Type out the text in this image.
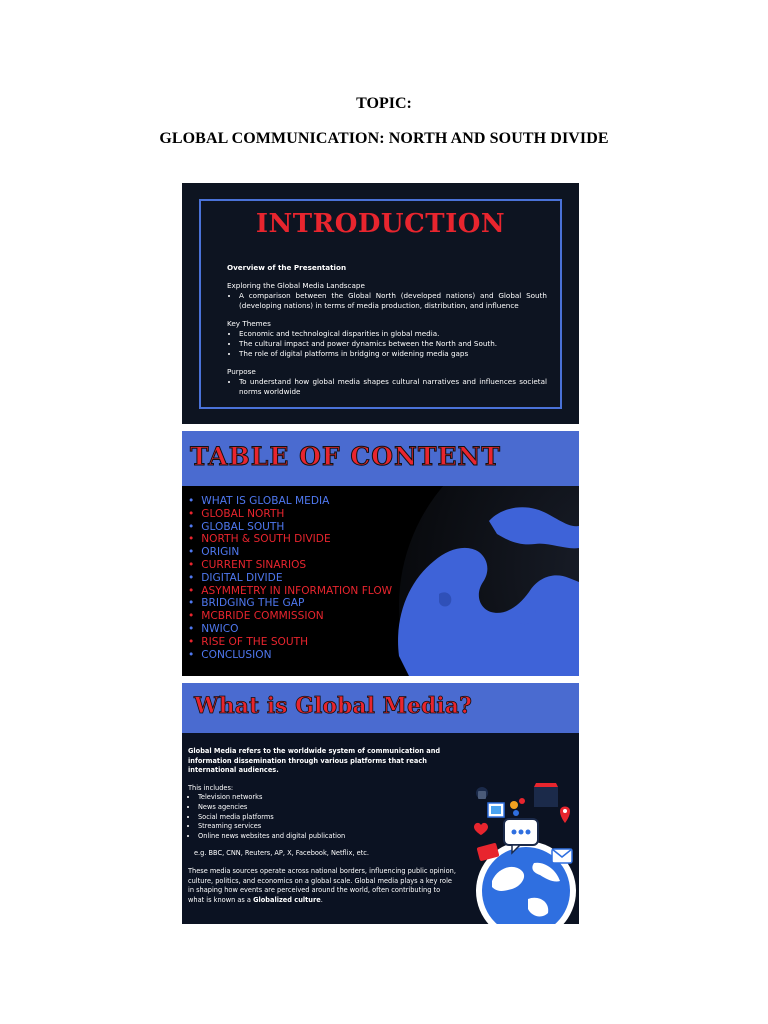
TOPIC:
GLOBAL COMMUNICATION: NORTH AND SOUTH DIVIDE
INTRODUCTION
Overview of the Presentation
Exploring the Global Media Landscape
• A comparison between the Global North (developed nations) and Global South (developing nations) in terms of media production, distribution, and influence
Key Themes
• Economic and technological disparities in global media.
• The cultural impact and power dynamics between the North and South.
• The role of digital platforms in bridging or widening media gaps
Purpose
• To understand how global media shapes cultural narratives and influences societal norms worldwide
TABLE OF CONTENT
• WHAT IS GLOBAL MEDIA
• GLOBAL NORTH
• GLOBAL SOUTH
• NORTH & SOUTH DIVIDE
• ORIGIN
• CURRENT SINARIOS
• DIGITAL DIVIDE
• ASYMMETRY IN INFORMATION FLOW
• BRIDGING THE GAP
• MCBRIDE COMMISSION
• NWICO
• RISE OF THE SOUTH
• CONCLUSION
What is Global Media?
Global Media refers to the worldwide system of communication and information dissemination through various platforms that reach international audiences.
This includes:
• Television networks
• News agencies
• Social media platforms
• Streaming services
• Online news websites and digital publication
e.g. BBC, CNN, Reuters, AP, X, Facebook, Netflix, etc.
These media sources operate across national borders, influencing public opinion, culture, politics, and economics on a global scale. Global media plays a key role in shaping how events are perceived around the world, often contributing to what is known as a Globalized culture.
